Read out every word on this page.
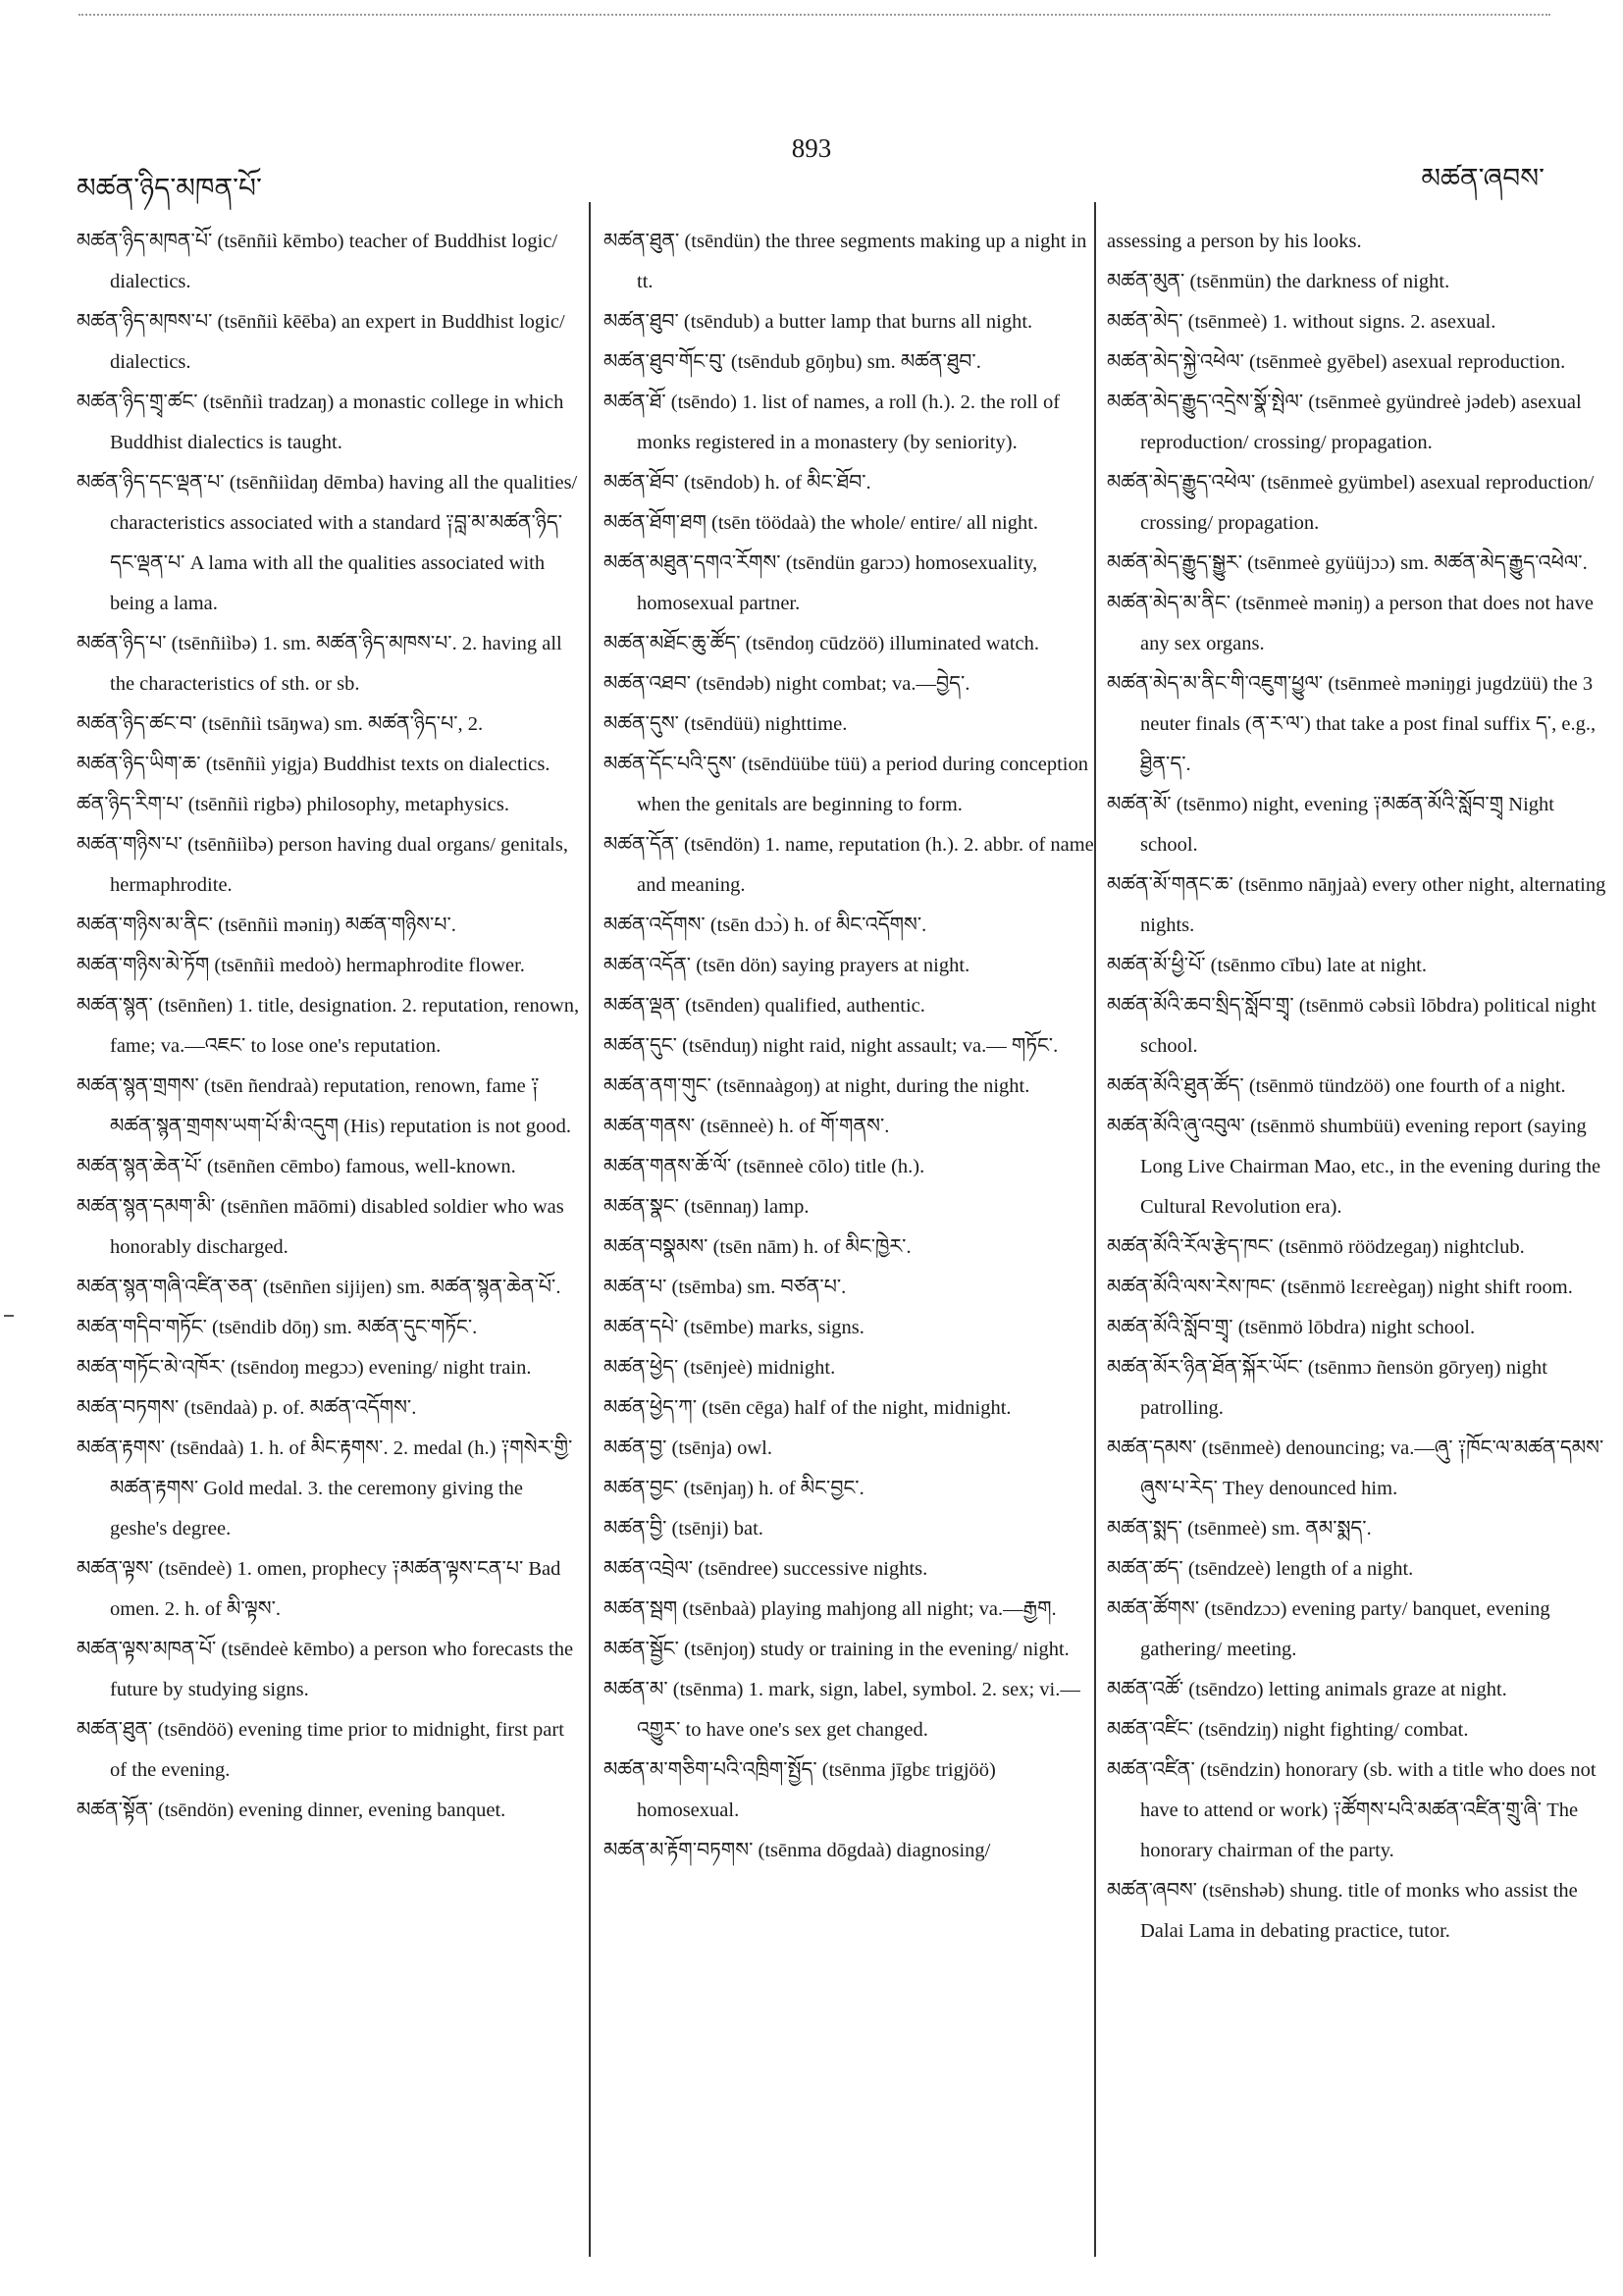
མཚན་ཉིད་མཁན་པོ་
893
མཚན་ཞབས་

མཚན་ཉིད་མཁན་པོ་ (tsēnñiì kēmbo) teacher of Buddhist logic/ dialectics.

མཚན་ཉིད་མཁས་པ་ (tsēnñiì kēēba) an expert in Buddhist logic/ dialectics.

མཚན་ཉིད་གྲྭ་ཚང་ (tsēnñiì tradzaŋ) a monastic college in which Buddhist dialectics is taught.

མཚན་ཉིད་དང་ལྡན་པ་ (tsēnñiìdaŋ dēmba) having all the qualities/ characteristics associated with a standard ༑བླ་མ་མཚན་ཉིད་དང་ལྡན་པ་ A lama with all the qualities associated with being a lama.

མཚན་ཉིད་པ་ (tsēnñiìbə) 1. sm. མཚན་ཉིད་མཁས་པ་. 2. having all the characteristics of sth. or sb.

མཚན་ཉིད་ཚང་བ་ (tsēnñiì tsāŋwa) sm. མཚན་ཉིད་པ་, 2.

མཚན་ཉིད་ཡིག་ཆ་ (tsēnñiì yigja) Buddhist texts on dialectics.

ཚན་ཉིད་རིག་པ་ (tsēnñiì rigbə) philosophy, metaphysics.

མཚན་གཉིས་པ་ (tsēnñiìbə) person having dual organs/ genitals, hermaphrodite.

མཚན་གཉིས་མ་ནིང་ (tsēnñiì məniŋ) མཚན་གཉིས་པ་.

མཚན་གཉིས་མེ་ཏོག (tsēnñiì medoò) hermaphrodite flower.

མཚན་སྙན་ (tsēnñen) 1. title, designation. 2. reputation, renown, fame; va.—འཇང་ to lose one's reputation.

མཚན་སྙན་གྲགས་ (tsēn ñendraà) reputation, renown, fame ༑མཚན་སྙན་གྲགས་ཡག་པོ་མི་འདུག (His) reputation is not good.

མཚན་སྙན་ཆེན་པོ་ (tsēnñen cēmbo) famous, well-known.

མཚན་སྙན་དམག་མི་ (tsēnñen māōmi) disabled soldier who was honorably discharged.

མཚན་སྙན་གཞི་འཛིན་ཅན་ (tsēnñen sijijen) sm. མཚན་སྙན་ཆེན་པོ་.

མཚན་གདིབ་གཏོང་ (tsēndib dōŋ) sm. མཚན་དུང་གཏོང་.

མཚན་གཏོང་མེ་འཁོར་ (tsēndoŋ megɔɔ) evening/ night train.

མཚན་བཏགས་ (tsēndaà) p. of. མཚན་འདོགས་.

མཚན་རྟགས་ (tsēndaà) 1. h. of མིང་རྟགས་. 2. medal (h.) ༑གསེར་གྱི་མཚན་རྟགས་ Gold medal. 3. the ceremony giving the geshe's degree.

མཚན་ལྟས་ (tsēndeè) 1. omen, prophecy ༑མཚན་ལྟས་ངན་པ་ Bad omen. 2. h. of མི་ལྟས་.

མཚན་ལྟས་མཁན་པོ་ (tsēndeè kēmbo) a person who forecasts the future by studying signs.

མཚན་ཐུན་ (tsēndöö) evening time prior to midnight, first part of the evening.

མཚན་སྟོན་ (tsēndön) evening dinner, evening banquet.

མཚན་ཐུན་ (tsēndün) the three segments making up a night in tt.

མཚན་ཐུབ་ (tsēndub) a butter lamp that burns all night.

མཚན་ཐུབ་གོང་བུ་ (tsēndub gōŋbu) sm. མཚན་ཐུབ་.

མཚན་ཐོ་ (tsēndo) 1. list of names, a roll (h.). 2. the roll of monks registered in a monastery (by seniority).

མཚན་ཐོབ་ (tsēndob) h. of མིང་ཐོབ་.

མཚན་ཐོག་ཐག (tsēn töödaà) the whole/ entire/ all night.

མཚན་མཐུན་དགའ་རོགས་ (tsēndün garɔɔ) homosexuality, homosexual partner.

མཚན་མཐོང་ཆུ་ཚོད་ (tsēndoŋ cūdzöö) illuminated watch.

མཚན་འཐབ་ (tsēndəb) night combat; va.—བྱེད་.

མཚན་དུས་ (tsēndüü) nighttime.

མཚན་དོང་པའི་དུས་ (tsēndüübe tüü) a period during conception when the genitals are beginning to form.

མཚན་དོན་ (tsēndön) 1. name, reputation (h.). 2. abbr. of name and meaning.

མཚན་འདོགས་ (tsēn dɔɔ̀) h. of མིང་འདོགས་.

མཚན་འདོན་ (tsēn dön) saying prayers at night.

མཚན་ལྡན་ (tsēnden) qualified, authentic.

མཚན་དུང་ (tsēnduŋ) night raid, night assault; va.— གཏོང་.

མཚན་ནག་གུང་ (tsēnnaàgoŋ) at night, during the night.

མཚན་གནས་ (tsēnneè) h. of གོ་གནས་.

མཚན་གནས་ཆོ་ལོ་ (tsēnneè cōlo) title (h.).

མཚན་སྣང་ (tsēnnaŋ) lamp.

མཚན་བསྣམས་ (tsēn nām) h. of མིང་ཁྱེར་.

མཚན་པ་ (tsēmba) sm. བཙན་པ་.

མཚན་དཔེ་ (tsēmbe) marks, signs.

མཚན་ཕྱེད་ (tsēnjeè) midnight.

མཚན་ཕྱེད་ཀ་ (tsēn cēga) half of the night, midnight.

མཚན་བྱ་ (tsēnja) owl.

མཚན་བྱང་ (tsēnjaŋ) h. of མིང་བྱང་.

མཚན་བྱི་ (tsēnji) bat.

མཚན་འབྲེལ་ (tsēndree) successive nights.

མཚན་སྦག (tsēnbaà) playing mahjong all night; va.—རྒྱག.

མཚན་སྦྱོང་ (tsēnjoŋ) study or training in the evening/ night.

མཚན་མ་ (tsēnma) 1. mark, sign, label, symbol. 2. sex; vi.—འགྱུར་ to have one's sex get changed.

མཚན་མ་གཅིག་པའི་འཁྲིག་སྤྱོད་ (tsēnma jīgbɛ trigjöö) homosexual.

མཚན་མ་རྟོག་བཏགས་ (tsēnma dōgdaà) diagnosing/

assessing a person by his looks.

མཚན་མུན་ (tsēnmün) the darkness of night.

མཚན་མེད་ (tsēnmeè) 1. without signs. 2. asexual.

མཚན་མེད་སྐྱེ་འཕེལ་ (tsēnmeè gyēbel) asexual reproduction.

མཚན་མེད་རྒྱུད་འདྲེས་སྣོ་སྤེལ་ (tsēnmeè gyündreè jədeb) asexual reproduction/ crossing/ propagation.

མཚན་མེད་རྒྱུད་འཕེལ་ (tsēnmeè gyümbel) asexual reproduction/ crossing/ propagation.

མཚན་མེད་རྒྱུད་སྒྱུར་ (tsēnmeè gyüüjɔɔ) sm. མཚན་མེད་རྒྱུད་འཕེལ་.

མཚན་མེད་མ་ནིང་ (tsēnmeè məniŋ) a person that does not have any sex organs.

མཚན་མེད་མ་ནིང་གི་འཇུག་ཕྱུལ་ (tsēnmeè məniŋgi jugdzüü) the 3 neuter finals (ན་ར་ལ་) that take a post final suffix ད་, e.g., ཐྱིན་ད་.

མཚན་མོ་ (tsēnmo) night, evening ༑མཚན་མོའི་སློབ་གྲྭ Night school.

མཚན་མོ་གནང་ཆ་ (tsēnmo nāŋjaà) every other night, alternating nights.

མཚན་མོ་ཕྱི་པོ་ (tsēnmo cību) late at night.

མཚན་མོའི་ཆབ་སྲིད་སློབ་གྲྭ་ (tsēnmö cəbsiì lōbdra) political night school.

མཚན་མོའི་ཐུན་ཚོད་ (tsēnmö tündzöö) one fourth of a night.

མཚན་མོའི་ཞུ་འབུལ་ (tsēnmö shumbüü) evening report (saying Long Live Chairman Mao, etc., in the evening during the Cultural Revolution era).

མཚན་མོའི་རོལ་རྩེད་ཁང་ (tsēnmö röödzegaŋ) nightclub.

མཚན་མོའི་ལས་རེས་ཁང་ (tsēnmö lɛɛreègaŋ) night shift room.

མཚན་མོའི་སློབ་གྲྭ་ (tsēnmö lōbdra) night school.

མཚན་མོར་ཉིན་ཐོན་སྐོར་ཡོང་ (tsēnmɔ ñensön gōryeŋ) night patrolling.

མཚན་དམས་ (tsēnmeè) denouncing; va.—ཞུ་ ༑ཁོང་ལ་མཚན་དམས་ཞུས་པ་རེད་ They denounced him.

མཚན་སྨད་ (tsēnmeè) sm. ནམ་སྨད་.

མཚན་ཚད་ (tsēndzeè) length of a night.

མཚན་ཚོགས་ (tsēndzɔɔ) evening party/ banquet, evening gathering/ meeting.

མཚན་འཚོ་ (tsēndzo) letting animals graze at night.

མཚན་འཛིང་ (tsēndziŋ) night fighting/ combat.

མཚན་འཛིན་ (tsēndzin) honorary (sb. with a title who does not have to attend or work) ༑ཚོགས་པའི་མཚན་འཛིན་གྲུ་ཞི་ The honorary chairman of the party.

མཚན་ཞབས་ (tsēnshəb) shung. title of monks who assist the Dalai Lama in debating practice, tutor.
